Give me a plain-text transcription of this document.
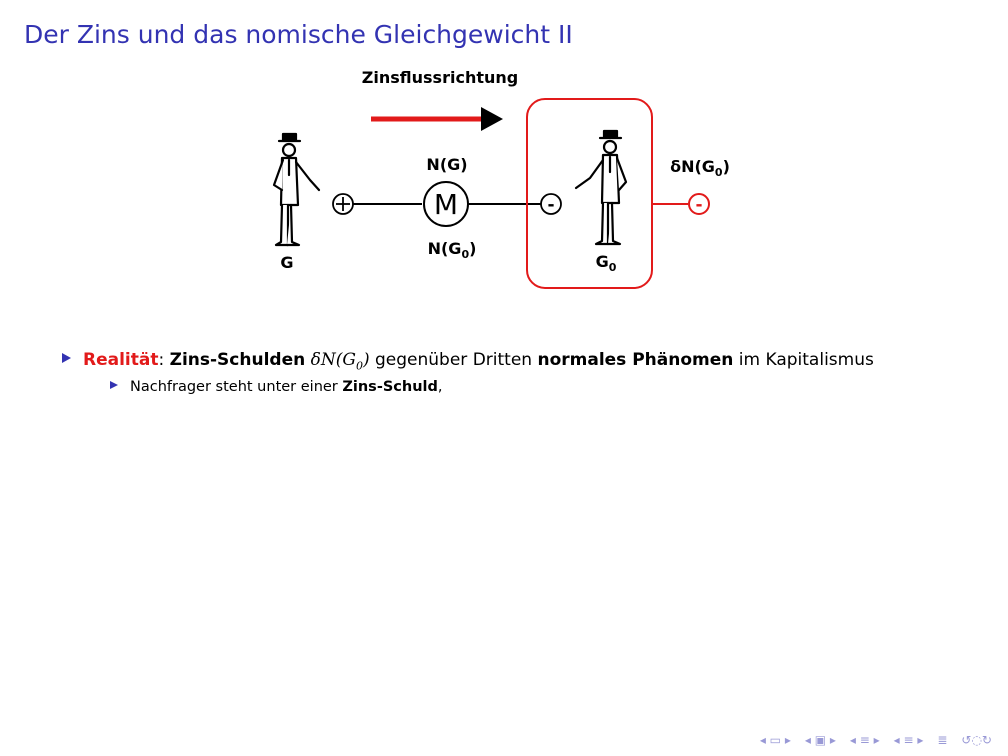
Der Zins und das nomische Gleichgewicht II
Zinsflussrichtung
G
N(G)
M
$N(G_0)$
-
$G_0$
-
$\delta N(G_0)$
Realität: Zins-Schulden $\delta N(G_0)$ gegenüber Dritten normales Phänomen im Kapitalismus
Nachfrager steht unter einer Zins-Schuld,
◂ ▭ ▸ ◂ ▣ ▸ ◂ ≡ ▸ ◂ ≡ ▸ ≣ ↺◌↻
